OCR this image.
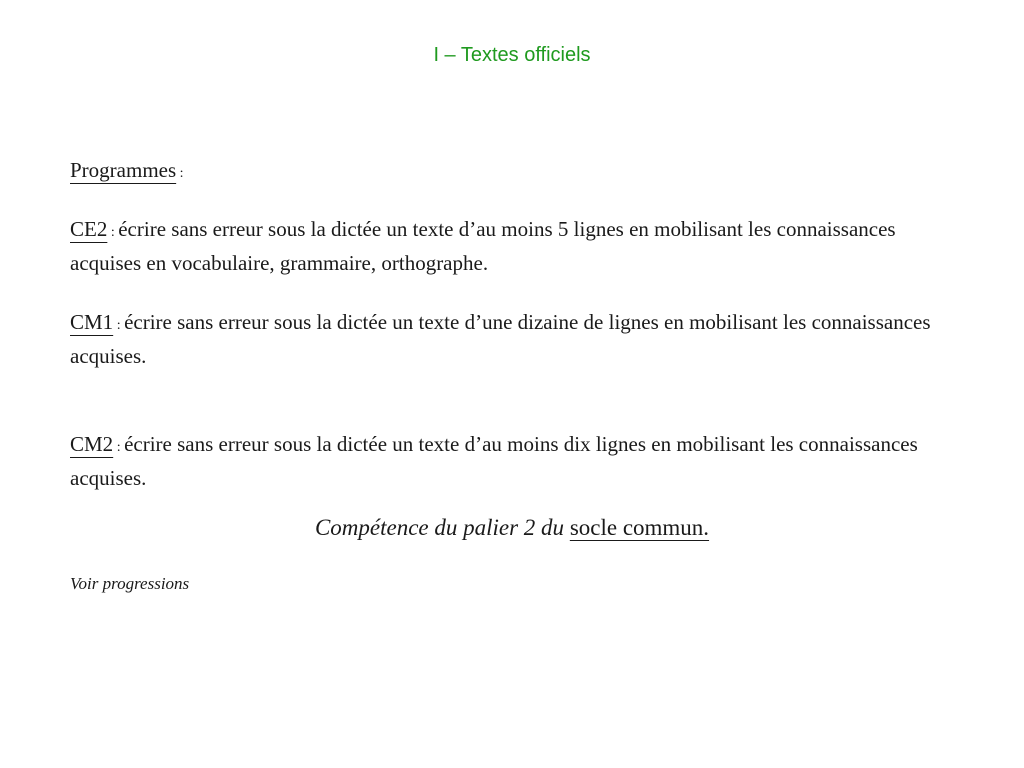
I – Textes officiels
Programmes :
CE2 : écrire sans erreur sous la dictée un texte d’au moins 5 lignes en mobilisant les connaissances acquises en vocabulaire, grammaire, orthographe.
CM1 : écrire sans erreur sous la dictée un texte d’une dizaine de lignes en mobilisant les connaissances acquises.
CM2 : écrire sans erreur sous la dictée un texte d’au moins dix lignes en mobilisant les connaissances acquises.
Compétence du palier 2 du socle commun.
Voir progressions
